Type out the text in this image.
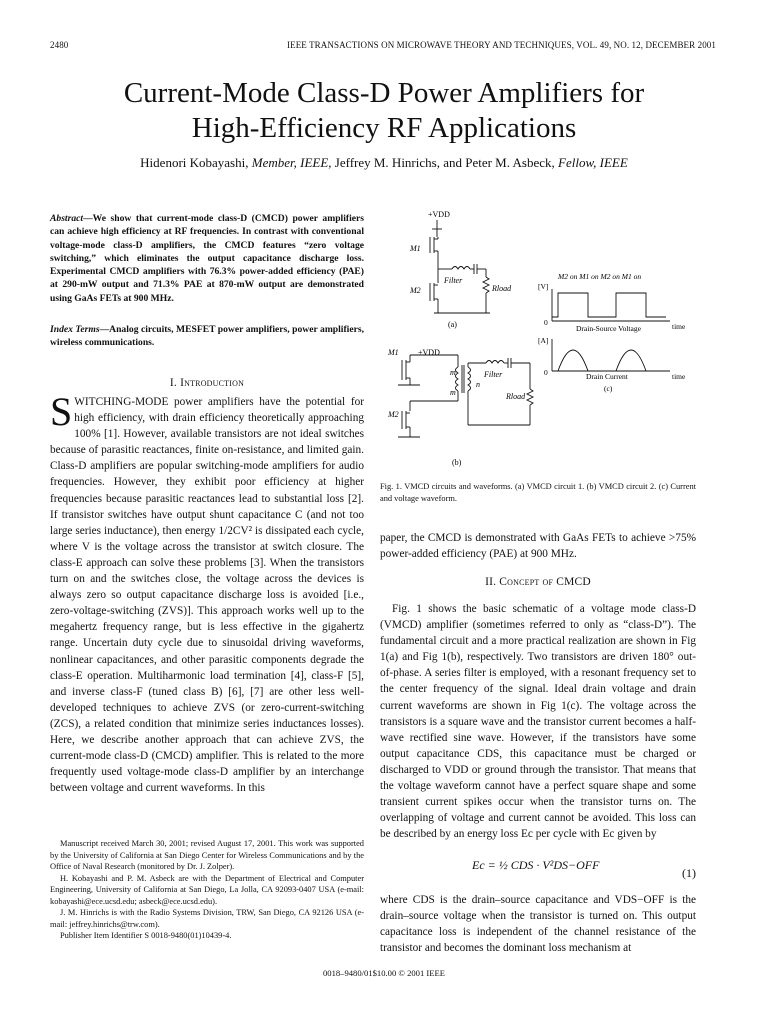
2480	IEEE TRANSACTIONS ON MICROWAVE THEORY AND TECHNIQUES, VOL. 49, NO. 12, DECEMBER 2001
Current-Mode Class-D Power Amplifiers for
High-Efficiency RF Applications
Hidenori Kobayashi, Member, IEEE, Jeffrey M. Hinrichs, and Peter M. Asbeck, Fellow, IEEE

Abstract—We show that current-mode class-D (CMCD) power amplifiers can achieve high efficiency at RF frequencies. In contrast with conventional voltage-mode class-D amplifiers, the CMCD features “zero voltage switching,” which eliminates the output capacitance discharge loss. Experimental CMCD amplifiers with 76.3% power-added efficiency (PAE) at 290-mW output and 71.3% PAE at 870-mW output are demonstrated using GaAs FETs at 900 MHz.

Index Terms—Analog circuits, MESFET power amplifiers, power amplifiers, wireless communications.

I. Introduction
SWITCHING-MODE power amplifiers have the potential for high efficiency, with drain efficiency theoretically approaching 100% [1]. However, available transistors are not ideal switches because of parasitic reactances, finite on-resistance, and limited gain. Class-D amplifiers are popular switching-mode amplifiers for audio frequencies. However, they exhibit poor efficiency at higher frequencies because parasitic reactances lead to substantial loss [2]. If transistor switches have output shunt capacitance C (and not too large series inductance), then energy 1/2CV² is dissipated each cycle, where V is the voltage across the transistor at switch closure. The class-E approach can solve these problems [3]. When the transistors turn on and the switches close, the voltage across the devices is always zero so output capacitance discharge loss is avoided [i.e., zero-voltage-switching (ZVS)]. This approach works well up to the megahertz frequency range, but is less effective in the gigahertz range. Uncertain duty cycle due to sinusoidal driving waveforms, nonlinear capacitances, and other parasitic components degrade the class-E operation. Multiharmonic load termination [4], class-F [5], and inverse class-F (tuned class B) [6], [7] are other less well-developed techniques to achieve ZVS (or zero-current-switching (ZCS), a related condition that minimize series inductances losses). Here, we describe another approach that can achieve ZVS, the current-mode class-D (CMCD) amplifier. This is related to the more frequently used voltage-mode class-D amplifier by an interchange between voltage and current waveforms. In this

Manuscript received March 30, 2001; revised August 17, 2001. This work was supported by the University of California at San Diego Center for Wireless Communications and by the Office of Naval Research (monitored by Dr. J. Zolper).

H. Kobayashi and P. M. Asbeck are with the Department of Electrical and Computer Engineering, University of California at San Diego, La Jolla, CA 92093-0407 USA (e-mail: kobayashi@ece.ucsd.edu; asbeck@ece.ucsd.edu).

J. M. Hinrichs is with the Radio Systems Division, TRW, San Diego, CA 92126 USA (e-mail: jeffrey.hinrichs@trw.com).

Publisher Item Identifier S 0018-9480(01)10439-4.

+VDD
M1
M2
Filter
Rload
(a)
M1 +VDD
M2
m
m
n
Filter
Rload
(b)
M2 on M1 on M2 on M1 on
[V]
0
Drain-Source Voltage	time
[A]
0	Drain Current	time
(c)
Fig. 1. VMCD circuits and waveforms. (a) VMCD circuit 1. (b) VMCD circuit 2. (c) Current and voltage waveform.
paper, the CMCD is demonstrated with GaAs FETs to achieve >75% power-added efficiency (PAE) at 900 MHz.
II. Concept of CMCD
Fig. 1 shows the basic schematic of a voltage mode class-D (VMCD) amplifier (sometimes referred to only as “class-D”). The fundamental circuit and a more practical realization are shown in Fig 1(a) and Fig 1(b), respectively. Two transistors are driven 180° out-of-phase. A series filter is employed, with a resonant frequency set to the center frequency of the signal. Ideal drain voltage and drain current waveforms are shown in Fig 1(c). The voltage across the transistors is a square wave and the transistor current becomes a half-wave rectified sine wave. However, if the transistors have some output capacitance CDS, this capacitance must be charged or discharged to VDD or ground through the transistor. That means that the voltage waveform cannot have a perfect square shape and some transient current spikes occur when the transistor turns on. The overlapping of voltage and current cannot be avoided. This loss can be described by an energy loss Ec per cycle with Ec given by
Ec = ½ CDS · V²DS−OFF
(1)
where CDS is the drain–source capacitance and VDS−OFF is the drain–source voltage when the transistor is turned on. This output capacitance loss is independent of the channel resistance of the transistor and becomes the dominant loss mechanism at
0018–9480/01$10.00 © 2001 IEEE
